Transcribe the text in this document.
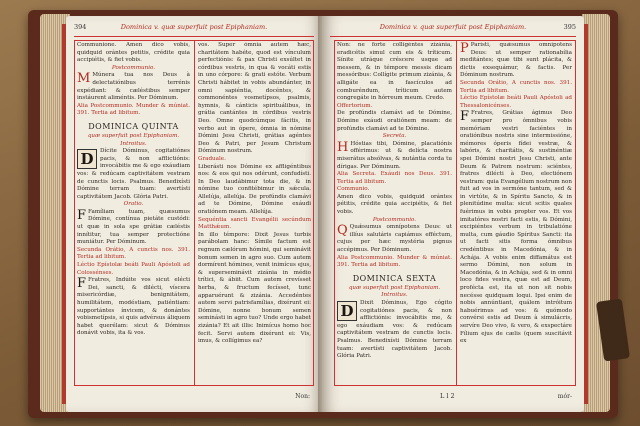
394	Dominica v. quæ superfuit post Epiphaniam.
Communione. Amen dico vobis, quidquid orántes petitis, crédite quia accipiétis, & fiet vobis.
Postcommunio.
M Múnera tua nos Deus à delectatiónibus terrénis expédiant: & cæléstibus semper instáurent aliméntis. Per Dóminum.
Alia Postcommunio. Munder & múniat. 391. Tertia ad libitum.
DOMINICA QUINTA
quæ superfuit post Epiphaniam.
Introitus.
D	Dícite Dóminus, cogitatiónes pacis, & non afflictiónis: invocábitis me & ego exáudiam vos: & redúcam captivitátem vestram de cunctis locis. Psalmus. Benedixísti Dómine terram tuam: avertísti captivitátem Jacob. Glória Patri.
Oratio.
F Famíliam tuam, quæsumus Dómine, contínua pietáte custódi: ut quæ in sola spe grátiæ cæléstis innítitur, tua semper protectióne muniátur. Per Dóminum.
Secunda Orátio, A cunctis nos. 391. Tertia ad libitum.
Léctio Epístolæ beáti Pauli Apóstoli ad Colossénses.
F Fratres, Indúite vos sicut elécti Dei, sancti, & dilécti, víscera misericórdiæ, benignitátem, humilitátem, modéstiam, patiéntiam: supportántes ínvicem, & donántes vobismetípsis, si quis advérsus áliquem habet querélam: sicut & Dóminus donávit vobis, ita & vos.
vos. Super ómnia autem hæc, charitátem habéte, quod est vínculum perfectiónis: & pax Christi exsúltet in córdibus vestris, in qua & vocáti estis in uno córpore: & grati estóte. Verbum Christi hábitet in vobis abundánter, in omni sapiéntia, docéntes, & commonéntes vosmetípsos, psalmis, hymnis, & cánticis spirituálibus, in grátia cantántes in córdibus vestris Deo. Omne quodcúmque fácitis, in verbo aut in ópere, ómnia in nómine Dómini Jesu Christi, grátias agéntes Deo & Patri, per Jesum Christum Dóminum nostrum.
Graduale.
Liberásti nos Dómine ex affligéntibus nos: & eos qui nos odérunt, confudísti. In Deo laudábimur tota die, & in nómine tuo confitébimur in sǽcula. Allelúja, allelúja. De profúndis clamávi ad te Dómine, Dómine exáudi oratiónem meam. Allelúja.
Sequéntia sancti Evangélii secúndum Matthǽum.
In illo témpore: Dixit Jesus turbis parábolam hanc: Símile factum est regnum cælórum hómini, qui seminávit bonum semen in agro suo. Cum autem dormírent hómines, venit inimícus ejus, & superseminávit zizánia in médio trítici, & ábiit. Cum autem crevísset herba, & fructum fecísset, tunc apparuérunt & zizánia. Accedéntes autem servi patrisfamílias, dixérunt ei: Dómine, nonne bonum semen seminásti in agro tuo? Unde ergo habet zizánia? Et ait illis: Inimícus homo hoc fecit. Servi autem dixérunt ei: Vis, imus, & collígimus ea?
Non:
Dominica v. quæ superfuit post Epiphaniam.	395
Non: ne forte colligéntes zizánia, eradicétis simul cum eis & tríticum. Sínite utráque créscere usque ad messem, & in témpore messis dicam messóribus: Collígite primum zizánia, & alligáte ea in fascículos ad comburéndum, tríticum autem congregáte in hórreum meum. Credo.
Offertorium.
De profúndis clamávi ad te Dómine, Dómine exáudi oratiónem meam: de profúndis clamávi ad te Dómine.
Secreta.
H Hóstias tibi, Dómine, placatiónis offérimus: ut & delícta nostra miserátus absólvas, & nutántia corda tu dírigas. Per Dóminum.
Alia Secreta. Exáudi nos Deus. 391. Tertia ad libitum.
Communio.
Amen dico vobis, quidquid orántes pétitis, crédite quia accipiétis, & fiet vobis.
Postcommunio.
Q Quǽsumus omnípotens Deus: ut illíus salutáris capiámus efféctum, cujus per hæc mystéria pignus accépimus. Per Dóminum.
Alia Postcommunio. Munder & múniat. 391. Tertia ad libitum.
DOMINICA SEXTA
quæ superfuit post Epiphaniam.
Introitus.
D	Dixit Dóminus, Ego cógito cogitatiónes pacis, & non afflictiónis: invocábitis me, & ego exáudiam vos: & redúcam captivitátem vestram de cunctis locis. Psalmus. Benedixísti Dómine terram tuam: avertísti captivitátem Jacob. Glória Patri.
P Parísti, quǽsumus omnípotens Deus: ut semper rationabília meditántes; quæ tibi sunt plácita, & dictis exsequámur, & factis. Per Dóminum nostrum.
Secunda Orátio, A cunctis nos. 391. Tertia ad libitum.
Léctio Epístolæ beáti Pauli Apóstoli ad Thessalonicénses.
F Fratres, Grátias ágimus Deo semper pro ómnibus vobis memóriam vestri faciéntes in oratiónibus nostris sine intermissióne, mémores óperis fídei vestræ, & labóris, & charitátis, & sustinéntiæ spei Dómini nostri Jesu Christi, ante Deum & Patrem nostrum: sciéntes, fratres dilécti à Deo, electiónem vestram: quia Evangélium nostrum non fuit ad vos in sermóne tantum, sed & in virtúte, & in Spíritu Sancto, & in plenitúdine multa: sicut scitis quales fuérimus in vobis propter vos. Et vos imitatóres nostri facti estis, & Dómini, excipiéntes verbum in tribulatióne multa, cum gáudio Spíritus Sancti: ita ut facti sitis forma ómnibus credéntibus in Macedónia, & in Achája. A vobis enim diffamátus est sermo Dómini, non solum in Macedónia, & in Achája, sed & in omni loco fides vestra, quæ est ad Deum, profécta est, ita ut non sit nobis necésse quidquam loqui. Ipsi enim de nobis annúntiant, quálem intróitum habuérimus ad vos: & quómodo convérsi estis ad Deum à simulácris, servíre Deo vivo, & vero, & exspectáre Fílium ejus de cælis (quem suscitávit ex
L l 2	mór-
